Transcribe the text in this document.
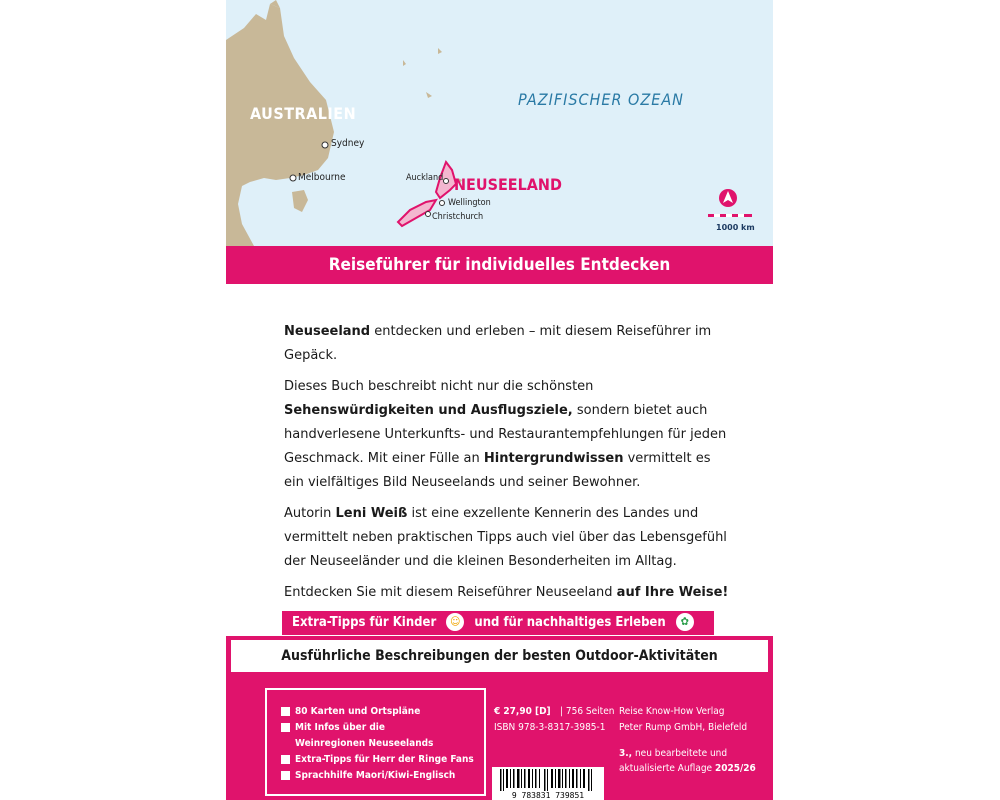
PAZIFISCHER OZEAN
AUSTRALIEN
NEUSEELAND
Sydney
Melbourne	Auckland
Wellington
Christchurch
1000 km
Reiseführer für individuelles Entdecken

Neuseeland entdecken und erleben – mit diesem Reiseführer im Gepäck.

Dieses Buch beschreibt nicht nur die schönsten Sehenswürdigkeiten und Ausflugsziele, sondern bietet auch handverlesene Unterkunfts- und Restaurantempfehlungen für jeden Geschmack. Mit einer Fülle an Hintergrundwissen vermittelt es ein vielfältiges Bild Neuseelands und seiner Bewohner.

Autorin Leni Weiß ist eine exzellente Kennerin des Landes und vermittelt neben praktischen Tipps auch viel über das Lebensgefühl der Neuseeländer und die kleinen Besonderheiten im Alltag.

Entdecken Sie mit diesem Reiseführer Neuseeland auf Ihre Weise!

Extra-Tipps für Kinder ☺ und für nachhaltiges Erleben ✿
Ausführliche Beschreibungen der besten Outdoor-Aktivitäten
80 Karten und Ortspläne
Mit Infos über die
Weinregionen Neuseelands
Extra-Tipps für Herr der Ringe Fans
Sprachhilfe Maori/Kiwi-Englisch
€ 27,90 [D] | 756 Seiten
ISBN 978-3-8317-3985-1
Reise Know-How Verlag
Peter Rump GmbH, Bielefeld
3., neu bearbeitete und
aktualisierte Auflage 2025/26
9 783831 739851
